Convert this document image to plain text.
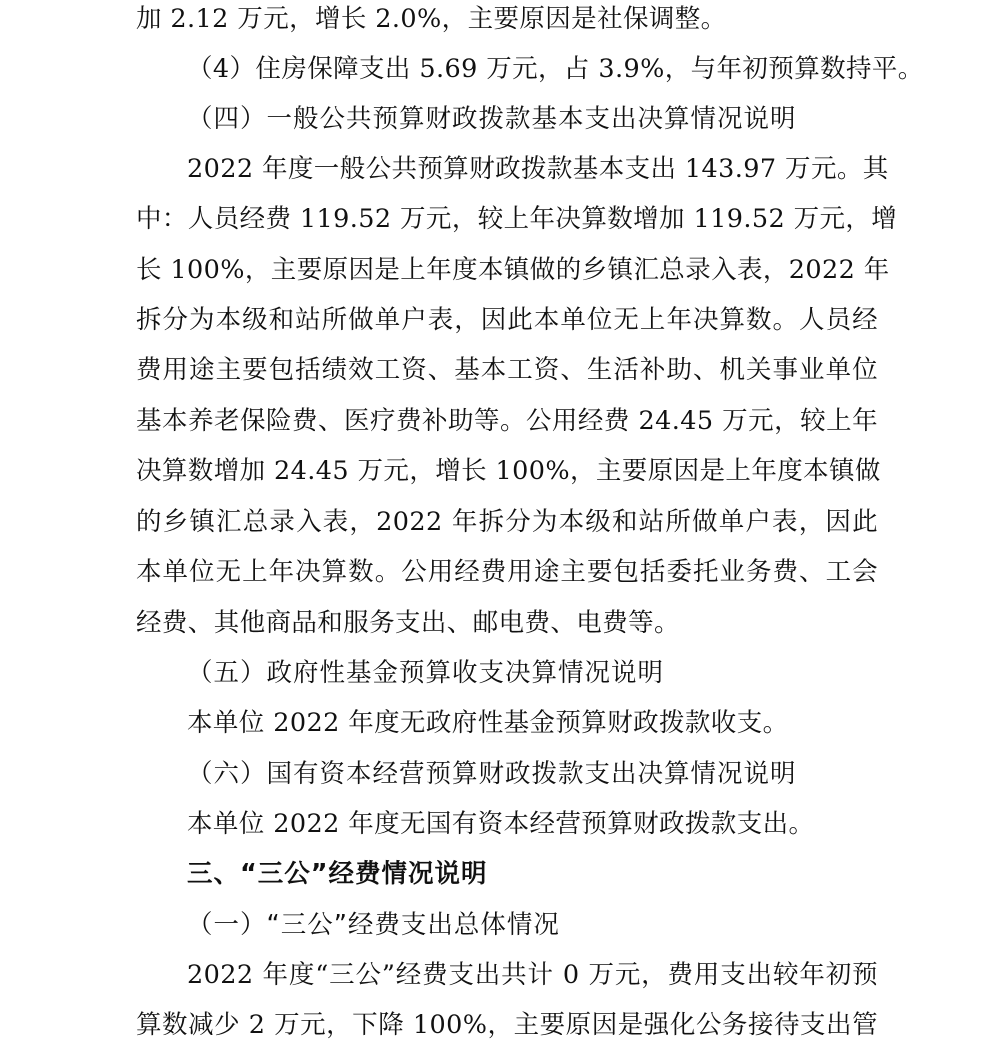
加 2.12 万元，增长 2.0%，主要原因是社保调整。
（4）住房保障支出 5.69 万元，占 3.9%，与年初预算数持平。
（四）一般公共预算财政拨款基本支出决算情况说明
2022 年度一般公共预算财政拨款基本支出 143.97 万元。其
中：人员经费 119.52 万元，较上年决算数增加 119.52 万元，增
长 100%，主要原因是上年度本镇做的乡镇汇总录入表，2022 年
拆分为本级和站所做单户表，因此本单位无上年决算数。人员经
费用途主要包括绩效工资、基本工资、生活补助、机关事业单位
基本养老保险费、医疗费补助等。公用经费 24.45 万元，较上年
决算数增加 24.45 万元，增长 100%，主要原因是上年度本镇做
的乡镇汇总录入表，2022 年拆分为本级和站所做单户表，因此
本单位无上年决算数。公用经费用途主要包括委托业务费、工会
经费、其他商品和服务支出、邮电费、电费等。
（五）政府性基金预算收支决算情况说明
本单位 2022 年度无政府性基金预算财政拨款收支。
（六）国有资本经营预算财政拨款支出决算情况说明
本单位 2022 年度无国有资本经营预算财政拨款支出。
三、“三公”经费情况说明
（一）“三公”经费支出总体情况
2022 年度“三公”经费支出共计 0 万元，费用支出较年初预
算数减少 2 万元，下降 100%，主要原因是强化公务接待支出管
